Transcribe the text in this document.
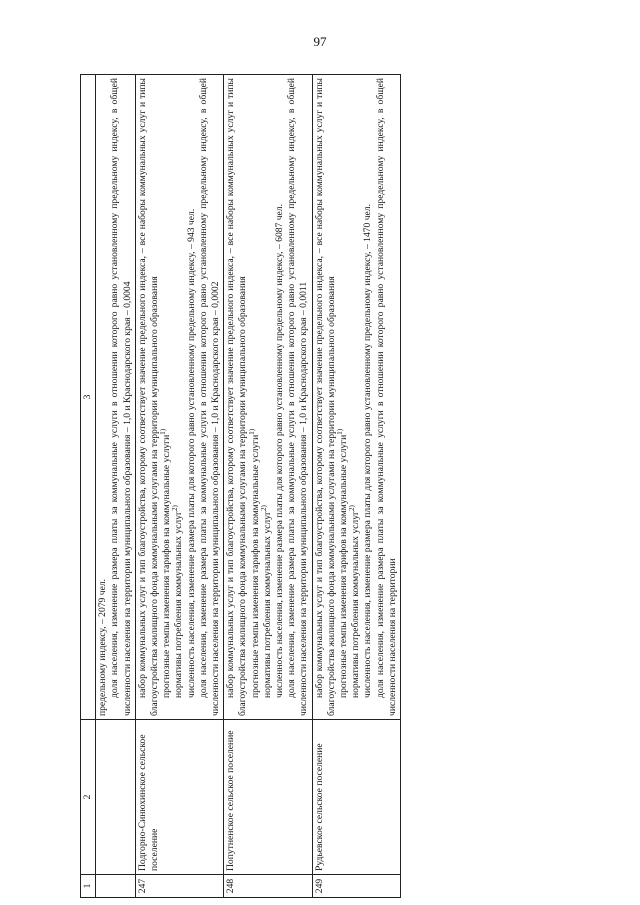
97
1	2	3

		предельному индексу, – 2079 чел. доля населения, изменение размера платы за коммунальные услуги в отношении которого равно установленному предельному индексу, в общей численности населения на территории муниципального образования – 1,0 и Краснодарского края – 0,0004

247	Подгорно-Синюхинское сельское поселение	набор коммунальных услуг и тип благоустройства, которому соответствует значение предельного индекса, – все наборы коммунальных услуг и типы благоустройства жилищного фонда коммунальными услугами на территории муниципального образования прогнозные темпы изменения тарифов на коммунальные услуги$^{1)}$
нормативы потребления коммунальных услуг$^{2)}$ численность населения, изменение размера платы для которого равно установленному предельному индексу, – 943 чел. доля населения, изменение размера платы за коммунальные услуги в отношении которого равно установленному предельному индексу, в общей численности населения на территории муниципального образования – 1,0 и Краснодарского края – 0,0002

248	Попутненское сельское поселение	набор коммунальных услуг и тип благоустройства, которому соответствует значение предельного индекса, – все наборы коммунальных услуг и типы благоустройства жилищного фонда коммунальными услугами на территории муниципального образования прогнозные темпы изменения тарифов на коммунальные услуги$^{1)}$
нормативы потребления коммунальных услуг$^{2)}$ численность населения, изменение размера платы для которого равно установленному предельному индексу, – 6087 чел. доля населения, изменение размера платы за коммунальные услуги в отношении которого равно установленному предельному индексу, в общей численности населения на территории муниципального образования – 1,0 и Краснодарского края – 0,0011

249	Рудьевское сельское поселение	набор коммунальных услуг и тип благоустройства, которому соответствует значение предельного индекса, – все наборы коммунальных услуг и типы благоустройства жилищного фонда коммунальными услугами на территории муниципального образования прогнозные темпы изменения тарифов на коммунальные услуги$^{1)}$
нормативы потребления коммунальных услуг$^{2)}$ численность населения, изменение размера платы для которого равно установленному предельному индексу, – 1470 чел. доля населения, изменение размера платы за коммунальные услуги в отношении которого равно установленному предельному индексу, в общей численности населения на территории
